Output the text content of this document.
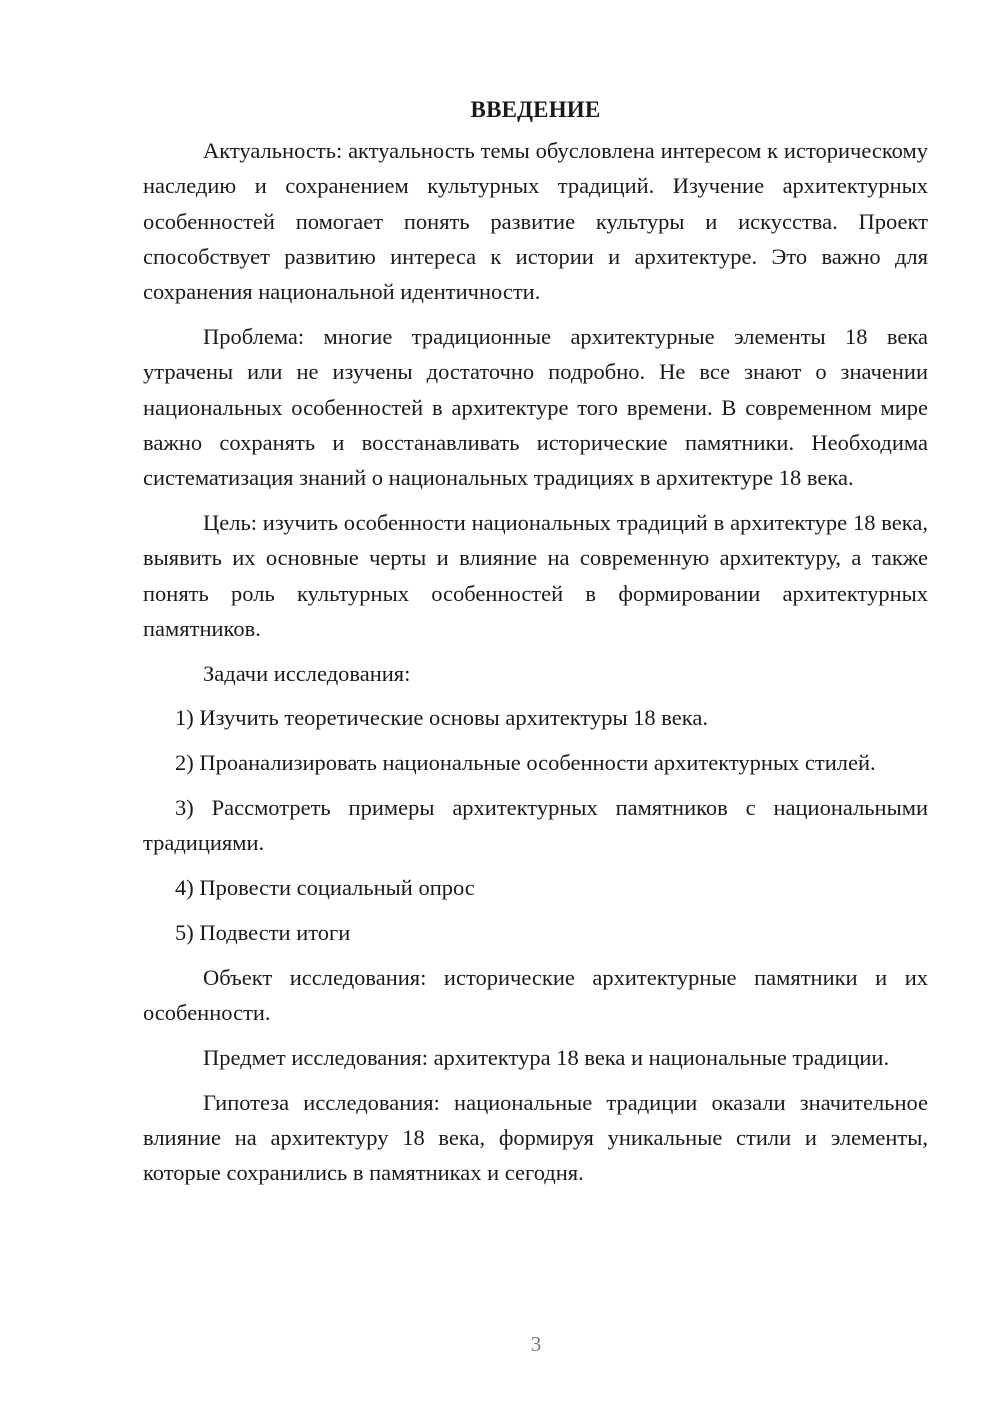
ВВЕДЕНИЕ

Актуальность: актуальность темы обусловлена интересом к историческому наследию и сохранением культурных традиций. Изучение архитектурных особенностей помогает понять развитие культуры и искусства. Проект способствует развитию интереса к истории и архитектуре. Это важно для сохранения национальной идентичности.

Проблема: многие традиционные архитектурные элементы 18 века утрачены или не изучены достаточно подробно. Не все знают о значении национальных особенностей в архитектуре того времени. В современном мире важно сохранять и восстанавливать исторические памятники. Необходима систематизация знаний о национальных традициях в архитектуре 18 века.

Цель: изучить особенности национальных традиций в архитектуре 18 века, выявить их основные черты и влияние на современную архитектуру, а также понять роль культурных особенностей в формировании архитектурных памятников.

Задачи исследования:

1) Изучить теоретические основы архитектуры 18 века.

2) Проанализировать национальные особенности архитектурных стилей.

3) Рассмотреть примеры архитектурных памятников с национальными традициями.

4) Провести социальный опрос

5) Подвести итоги

Объект исследования: исторические архитектурные памятники и их особенности.

Предмет исследования: архитектура 18 века и национальные традиции.

Гипотеза исследования: национальные традиции оказали значительное влияние на архитектуру 18 века, формируя уникальные стили и элементы, которые сохранились в памятниках и сегодня.

3
